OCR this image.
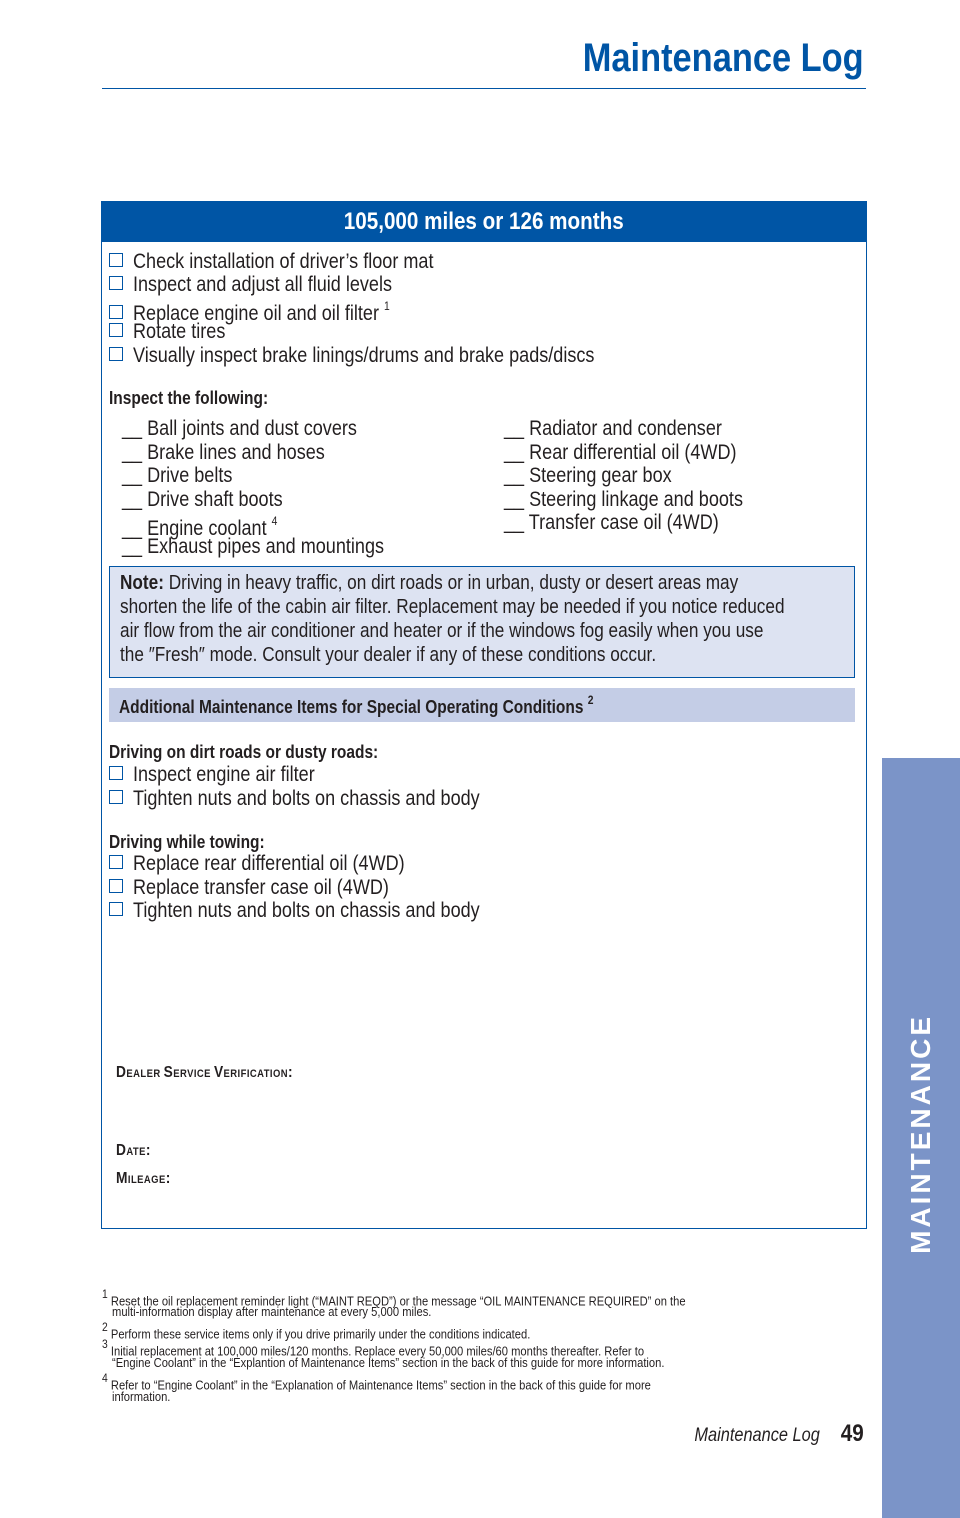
Maintenance Log
105,000 miles or 126 months
Check installation of driver’s floor mat
Inspect and adjust all fluid levels
Replace engine oil and oil filter $^1$
Rotate tires
Visually inspect brake linings/drums and brake pads/discs
Inspect the following:
__ Ball joints and dust covers
__ Brake lines and hoses
__ Drive belts
__ Drive shaft boots
__ Engine coolant $^4$
__ Exhaust pipes and mountings
__ Radiator and condenser
__ Rear differential oil (4WD)
__ Steering gear box
__ Steering linkage and boots
__ Transfer case oil (4WD)
Note: Driving in heavy traffic, on dirt roads or in urban, dusty or desert areas may
shorten the life of the cabin air filter. Replacement may be needed if you notice reduced
air flow from the air conditioner and heater or if the windows fog easily when you use
the ″Fresh″ mode. Consult your dealer if any of these conditions occur.
Additional Maintenance Items for Special Operating Conditions $^2$
Driving on dirt roads or dusty roads:
Inspect engine air filter
Tighten nuts and bolts on chassis and body
Driving while towing:
Replace rear differential oil (4WD)
Replace transfer case oil (4WD)
Tighten nuts and bolts on chassis and body
DEALER SERVICE VERIFICATION:
DATE:
MILEAGE:
1 Reset the oil replacement reminder light (“MAINT REQD”) or the message “OIL MAINTENANCE REQUIRED” on the
multi-information display after maintenance at every 5,000 miles.
2 Perform these service items only if you drive primarily under the conditions indicated.
3 Initial replacement at 100,000 miles/120 months. Replace every 50,000 miles/60 months thereafter. Refer to
“Engine Coolant” in the “Explantion of Maintenance Items” section in the back of this guide for more information.
4 Refer to “Engine Coolant” in the “Explanation of Maintenance Items” section in the back of this guide for more
information.
MAINTENANCE
Maintenance Log 49
